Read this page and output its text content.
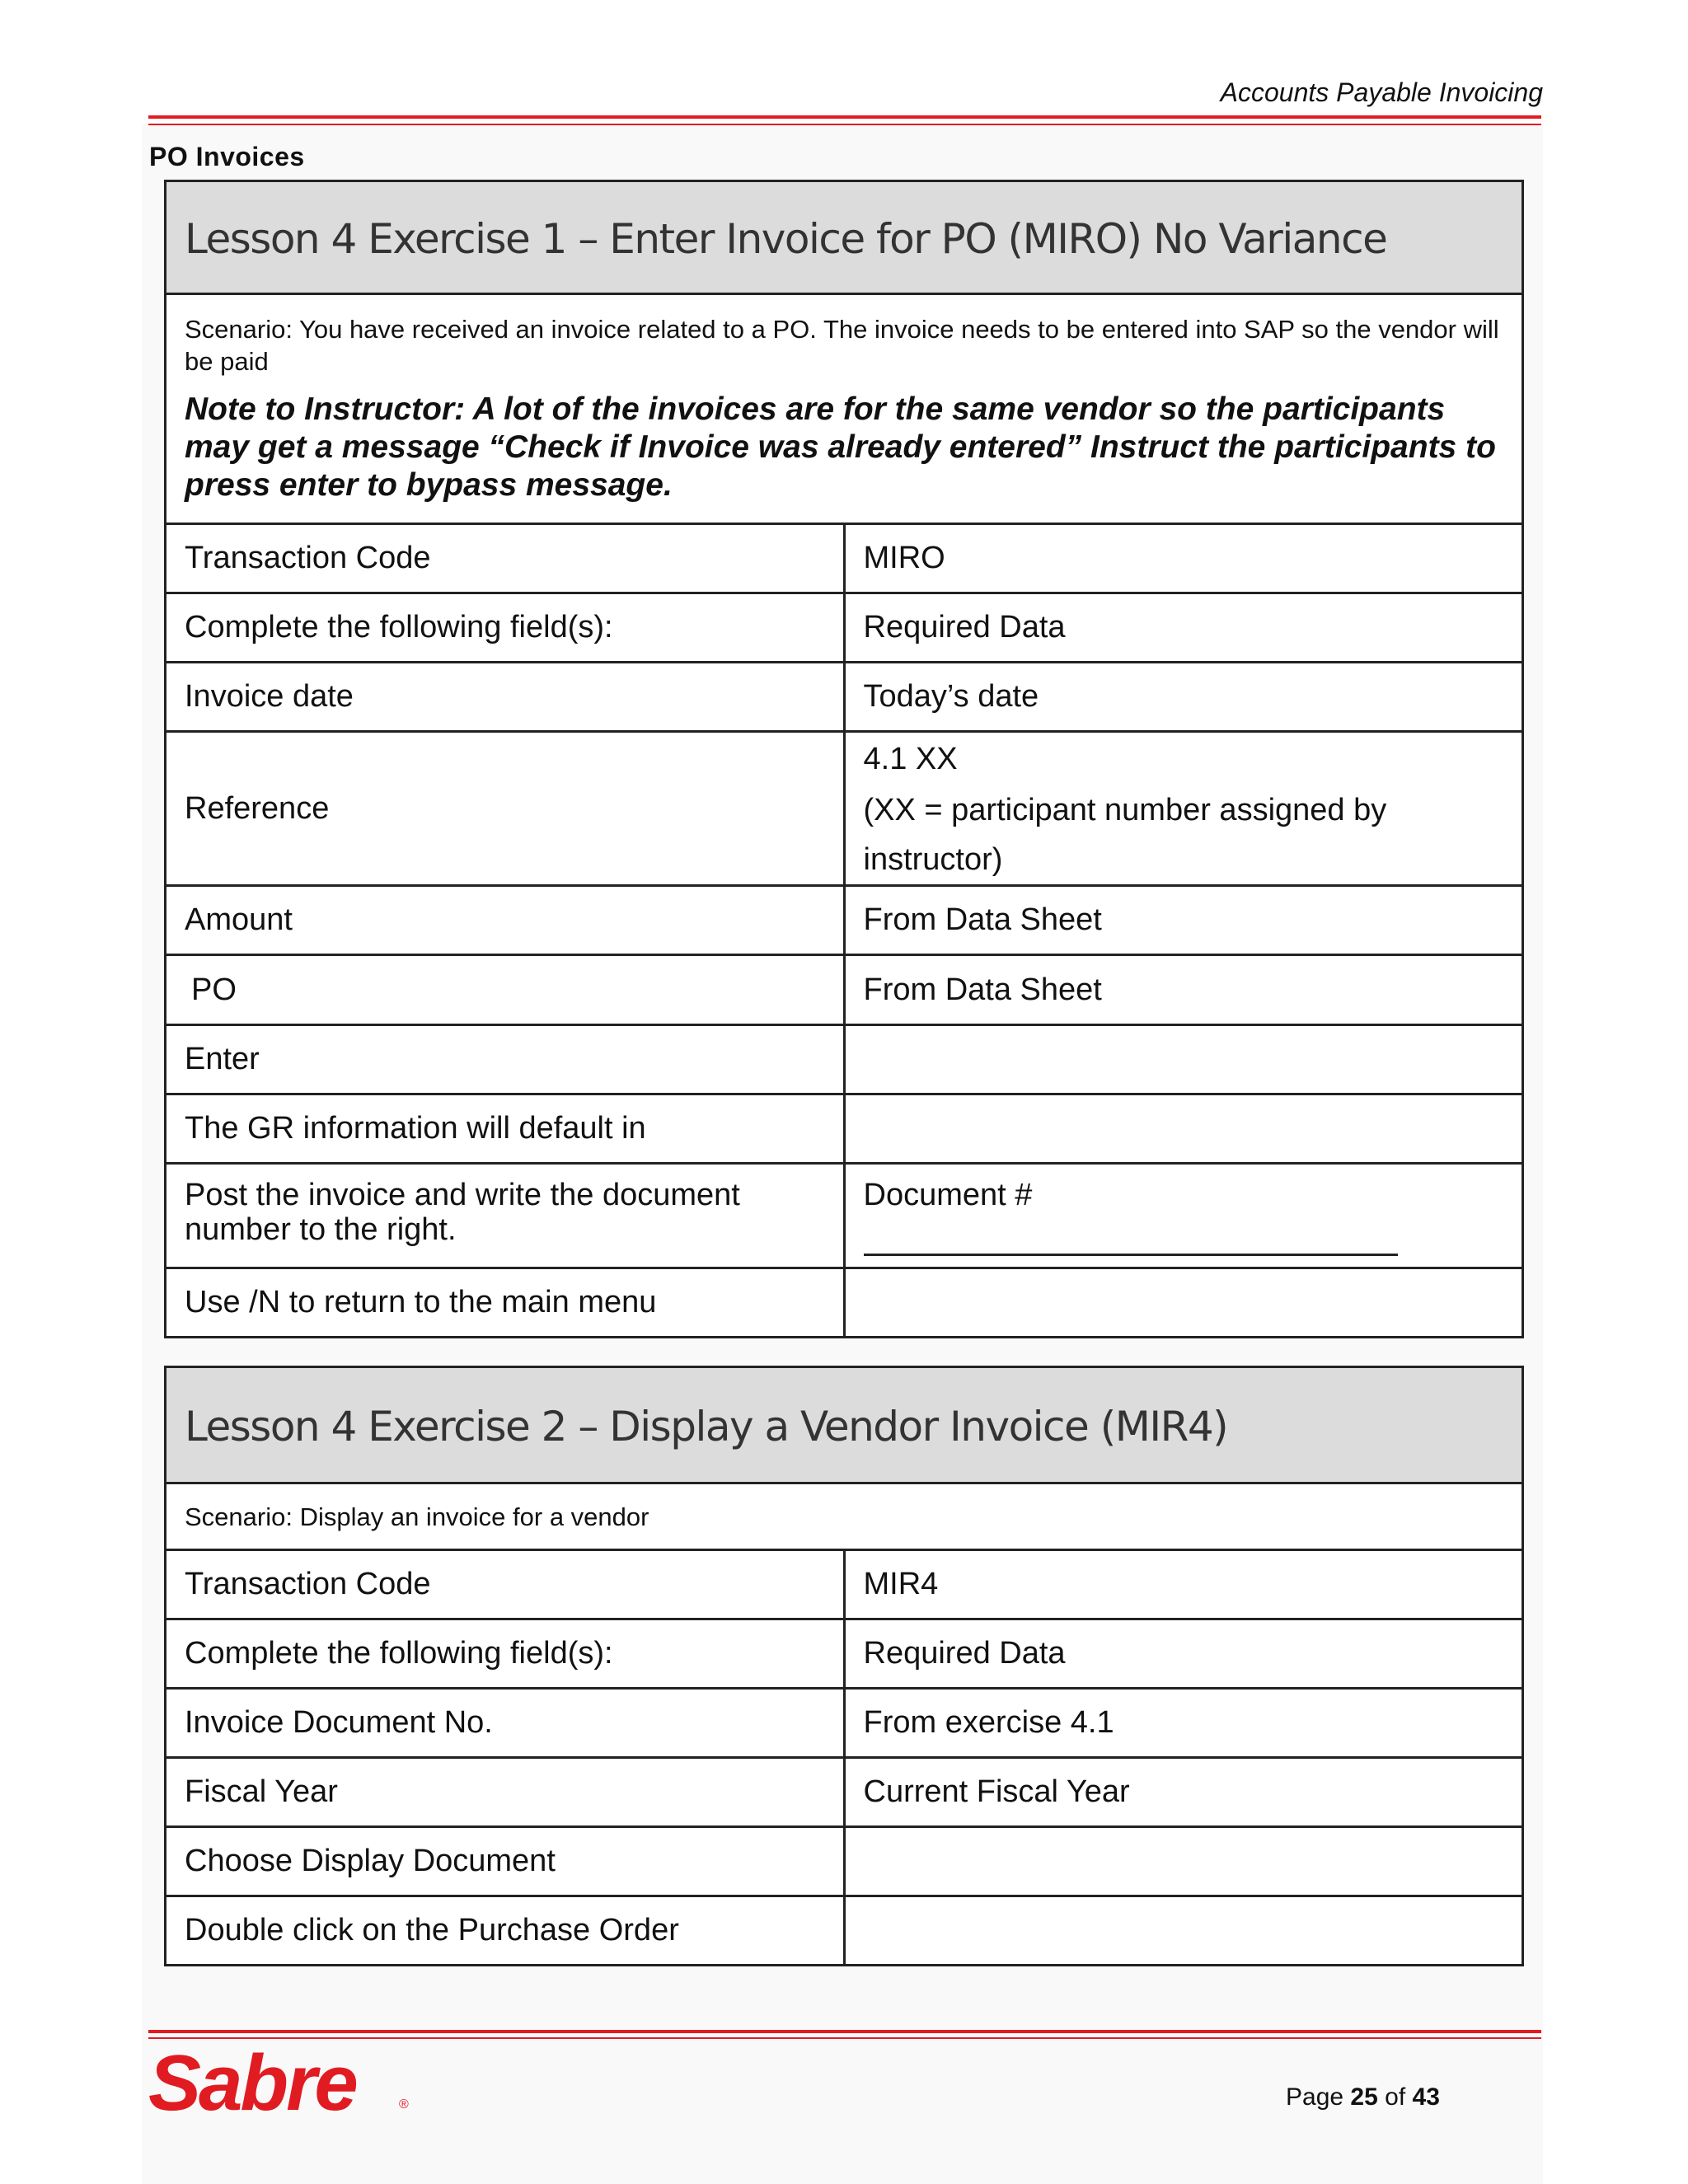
Accounts Payable Invoicing
PO Invoices
Lesson 4 Exercise 1 – Enter Invoice for PO (MIRO) No Variance	

Scenario: You have received an invoice related to a PO. The invoice needs to be entered into SAP so the vendor will be paid
Note to Instructor: A lot of the invoices are for the same vendor so the participants may get a message “Check if Invoice was already entered” Instruct the participants to press enter to bypass message.	

Transaction Code	MIRO
Complete the following field(s):	Required Data
Invoice date	Today’s date
Reference	4.1 XX
(XX = participant number assigned by instructor)

Amount	From Data Sheet
PO	From Data Sheet
Enter	
The GR information will default in	
Post the invoice and write the document number to the right.	Document #

Use /N to return to the main menu	
Lesson 4 Exercise 2 – Display a Vendor Invoice (MIR4)	

Scenario: Display an invoice for a vendor	

Transaction Code	MIR4
Complete the following field(s):	Required Data
Invoice Document No.	From exercise 4.1
Fiscal Year	Current Fiscal Year
Choose Display Document	
Double click on the Purchase Order	
Sabre	®	Page 25 of 43
